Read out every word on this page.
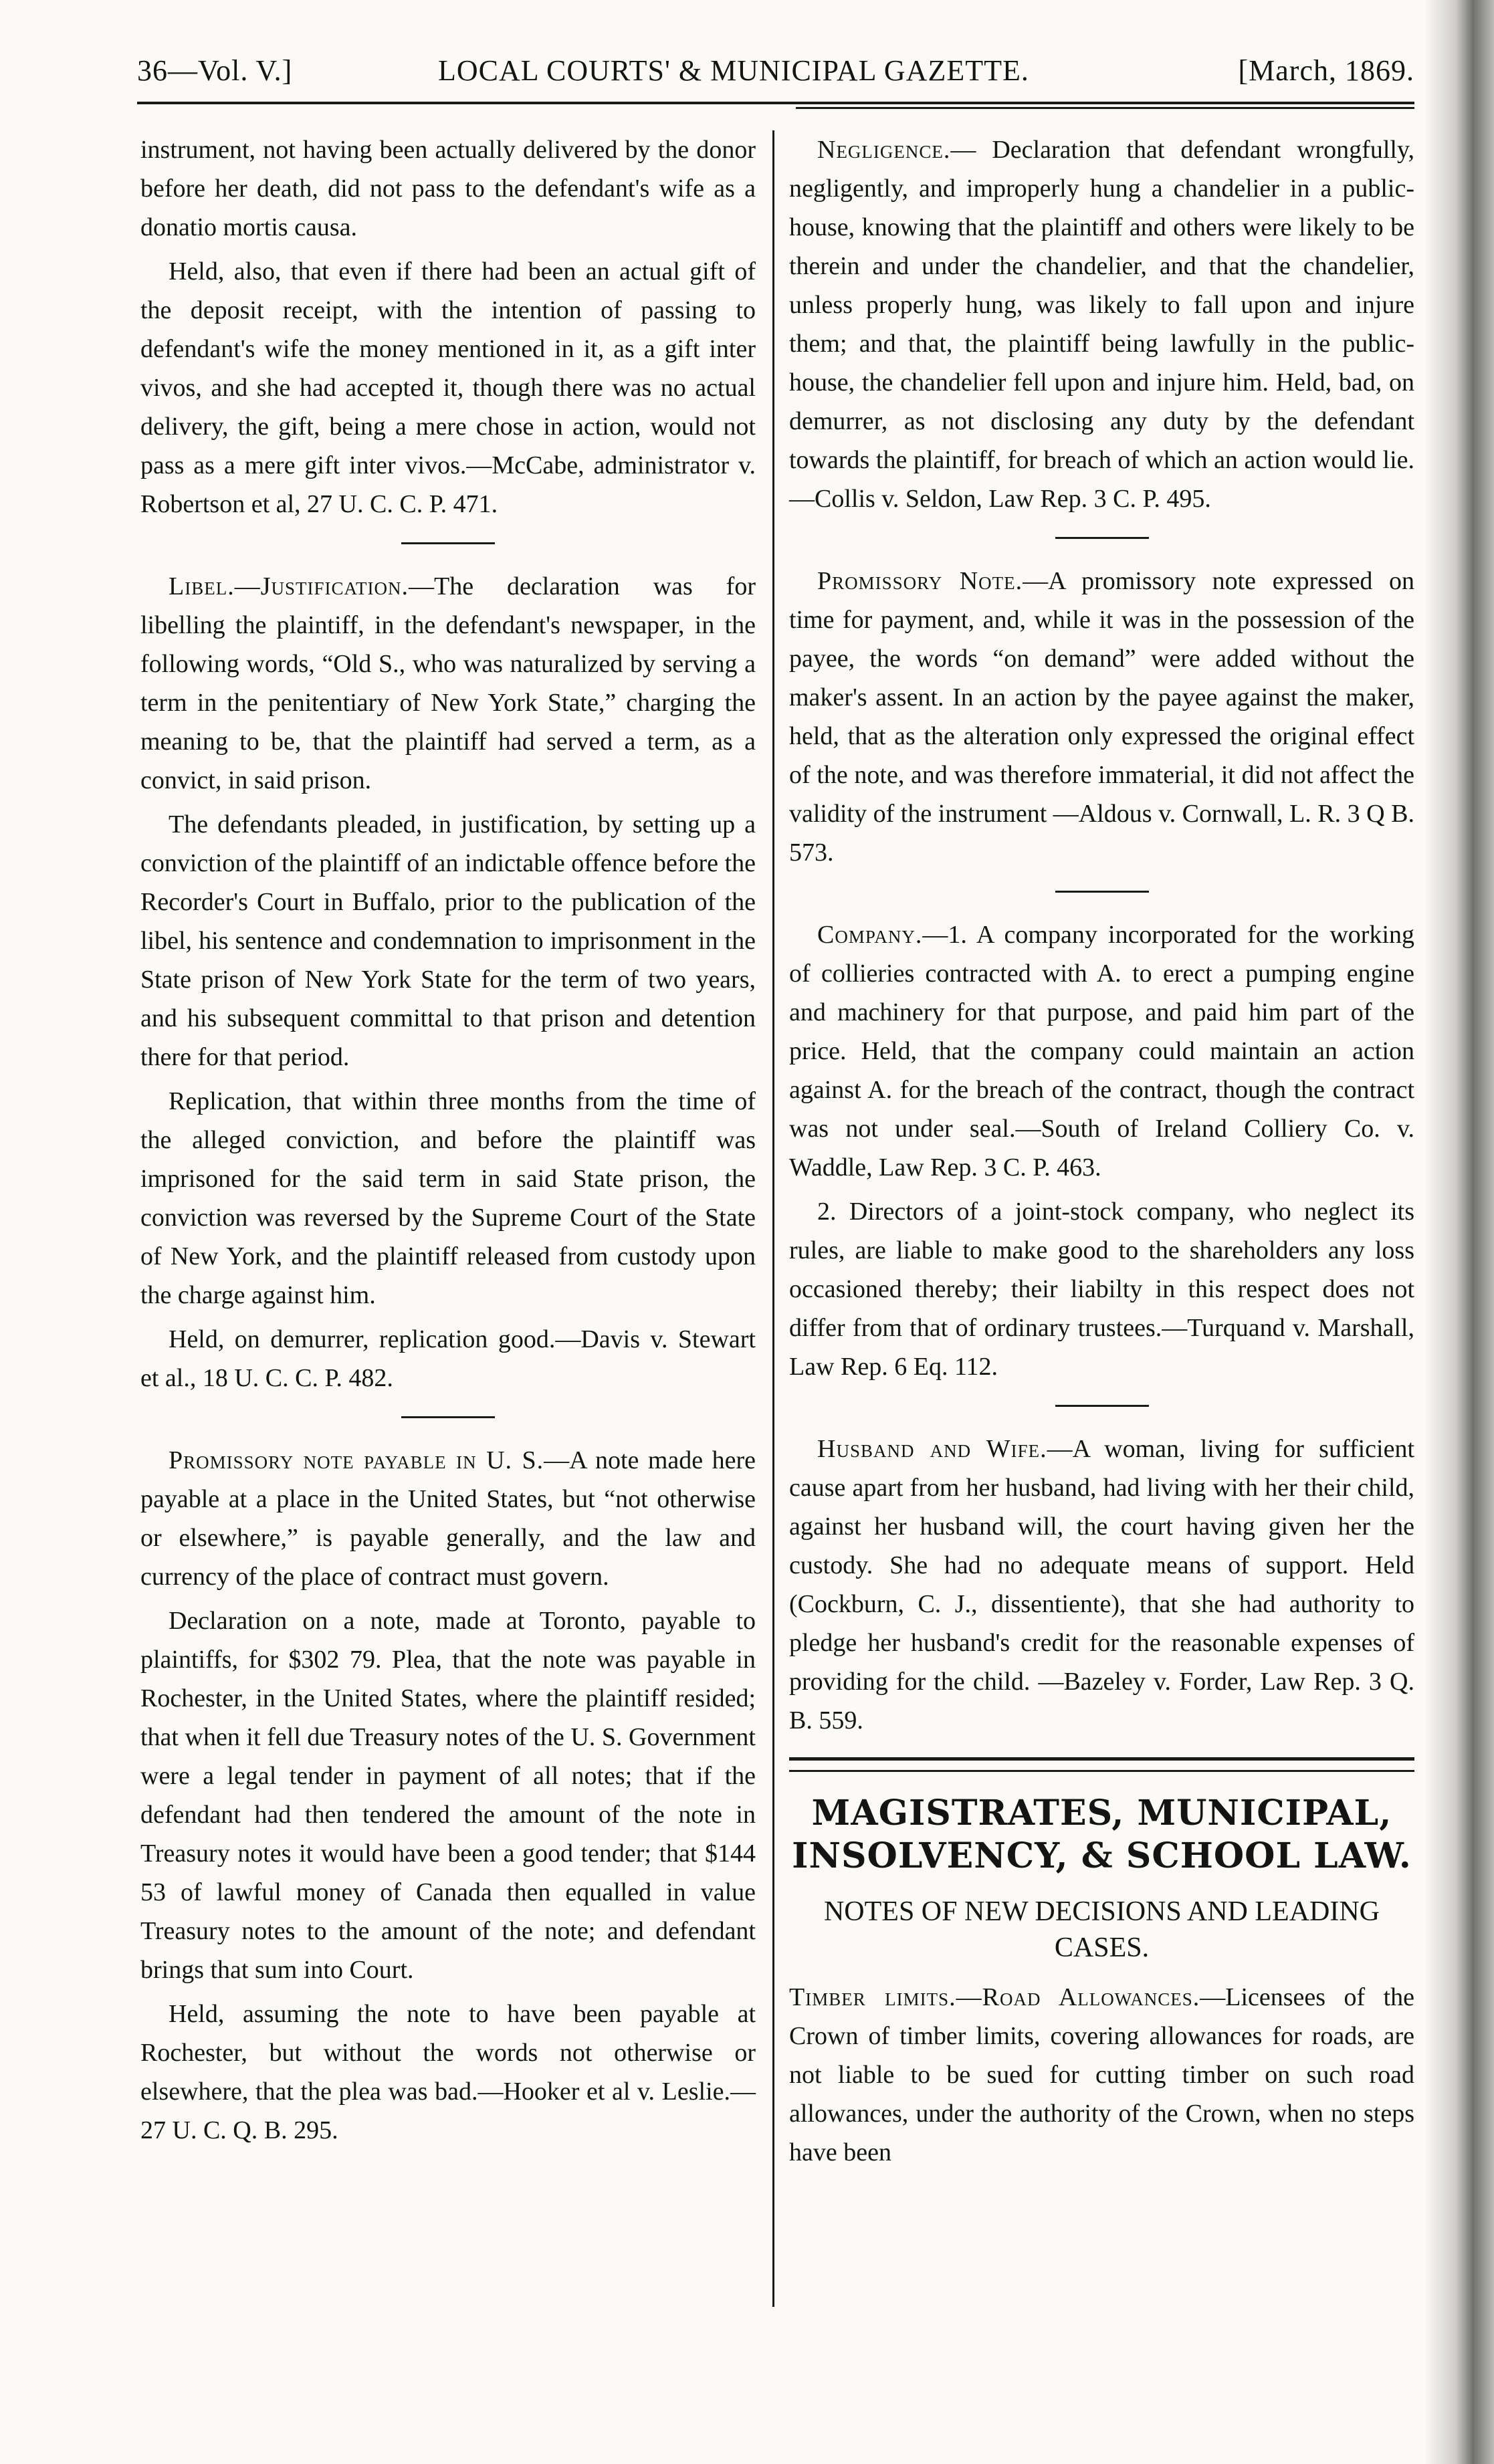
36—Vol. V.]	LOCAL COURTS' & MUNICIPAL GAZETTE.	[March, 1869.

instrument, not having been actually delivered by the donor before her death, did not pass to the defendant's wife as a donatio mortis causa.

Held, also, that even if there had been an actual gift of the deposit receipt, with the intention of passing to defendant's wife the money mentioned in it, as a gift inter vivos, and she had accepted it, though there was no actual delivery, the gift, being a mere chose in action, would not pass as a mere gift inter vivos.—McCabe, administrator v. Robertson et al, 27 U. C. C. P. 471.

Libel.—Justification.—The declaration was for libelling the plaintiff, in the defendant's newspaper, in the following words, “Old S., who was naturalized by serving a term in the penitentiary of New York State,” charging the meaning to be, that the plaintiff had served a term, as a convict, in said prison.

The defendants pleaded, in justification, by setting up a conviction of the plaintiff of an indictable offence before the Recorder's Court in Buffalo, prior to the publication of the libel, his sentence and condemnation to imprisonment in the State prison of New York State for the term of two years, and his subsequent committal to that prison and detention there for that period.

Replication, that within three months from the time of the alleged conviction, and before the plaintiff was imprisoned for the said term in said State prison, the conviction was reversed by the Supreme Court of the State of New York, and the plaintiff released from custody upon the charge against him.

Held, on demurrer, replication good.—Davis v. Stewart et al., 18 U. C. C. P. 482.

Promissory note payable in U. S.—A note made here payable at a place in the United States, but “not otherwise or elsewhere,” is payable generally, and the law and currency of the place of contract must govern.

Declaration on a note, made at Toronto, payable to plaintiffs, for $302 79. Plea, that the note was payable in Rochester, in the United States, where the plaintiff resided; that when it fell due Treasury notes of the U. S. Government were a legal tender in payment of all notes; that if the defendant had then tendered the amount of the note in Treasury notes it would have been a good tender; that $144 53 of lawful money of Canada then equalled in value Treasury notes to the amount of the note; and defendant brings that sum into Court.

Held, assuming the note to have been payable at Rochester, but without the words not otherwise or elsewhere, that the plea was bad.—Hooker et al v. Leslie.—27 U. C. Q. B. 295.

Negligence.— Declaration that defendant wrongfully, negligently, and improperly hung a chandelier in a public-house, knowing that the plaintiff and others were likely to be therein and under the chandelier, and that the chandelier, unless properly hung, was likely to fall upon and injure them; and that, the plaintiff being lawfully in the public-house, the chandelier fell upon and injure him. Held, bad, on demurrer, as not disclosing any duty by the defendant towards the plaintiff, for breach of which an action would lie. —Collis v. Seldon, Law Rep. 3 C. P. 495.

Promissory Note.—A promissory note expressed on time for payment, and, while it was in the possession of the payee, the words “on demand” were added without the maker's assent. In an action by the payee against the maker, held, that as the alteration only expressed the original effect of the note, and was therefore immaterial, it did not affect the validity of the instrument —Aldous v. Cornwall, L. R. 3 Q B. 573.

Company.—1. A company incorporated for the working of collieries contracted with A. to erect a pumping engine and machinery for that purpose, and paid him part of the price. Held, that the company could maintain an action against A. for the breach of the contract, though the contract was not under seal.—South of Ireland Colliery Co. v. Waddle, Law Rep. 3 C. P. 463.

2. Directors of a joint-stock company, who neglect its rules, are liable to make good to the shareholders any loss occasioned thereby; their liabilty in this respect does not differ from that of ordinary trustees.—Turquand v. Marshall, Law Rep. 6 Eq. 112.

Husband and Wife.—A woman, living for sufficient cause apart from her husband, had living with her their child, against her husband will, the court having given her the custody. She had no adequate means of support. Held (Cockburn, C. J., dissentiente), that she had authority to pledge her husband's credit for the reasonable expenses of providing for the child. —Bazeley v. Forder, Law Rep. 3 Q. B. 559.

MAGISTRATES, MUNICIPAL,
INSOLVENCY, & SCHOOL LAW.
NOTES OF NEW DECISIONS AND LEADING CASES.

Timber limits.—Road Allowances.—Licensees of the Crown of timber limits, covering allowances for roads, are not liable to be sued for cutting timber on such road allowances, under the authority of the Crown, when no steps have been
